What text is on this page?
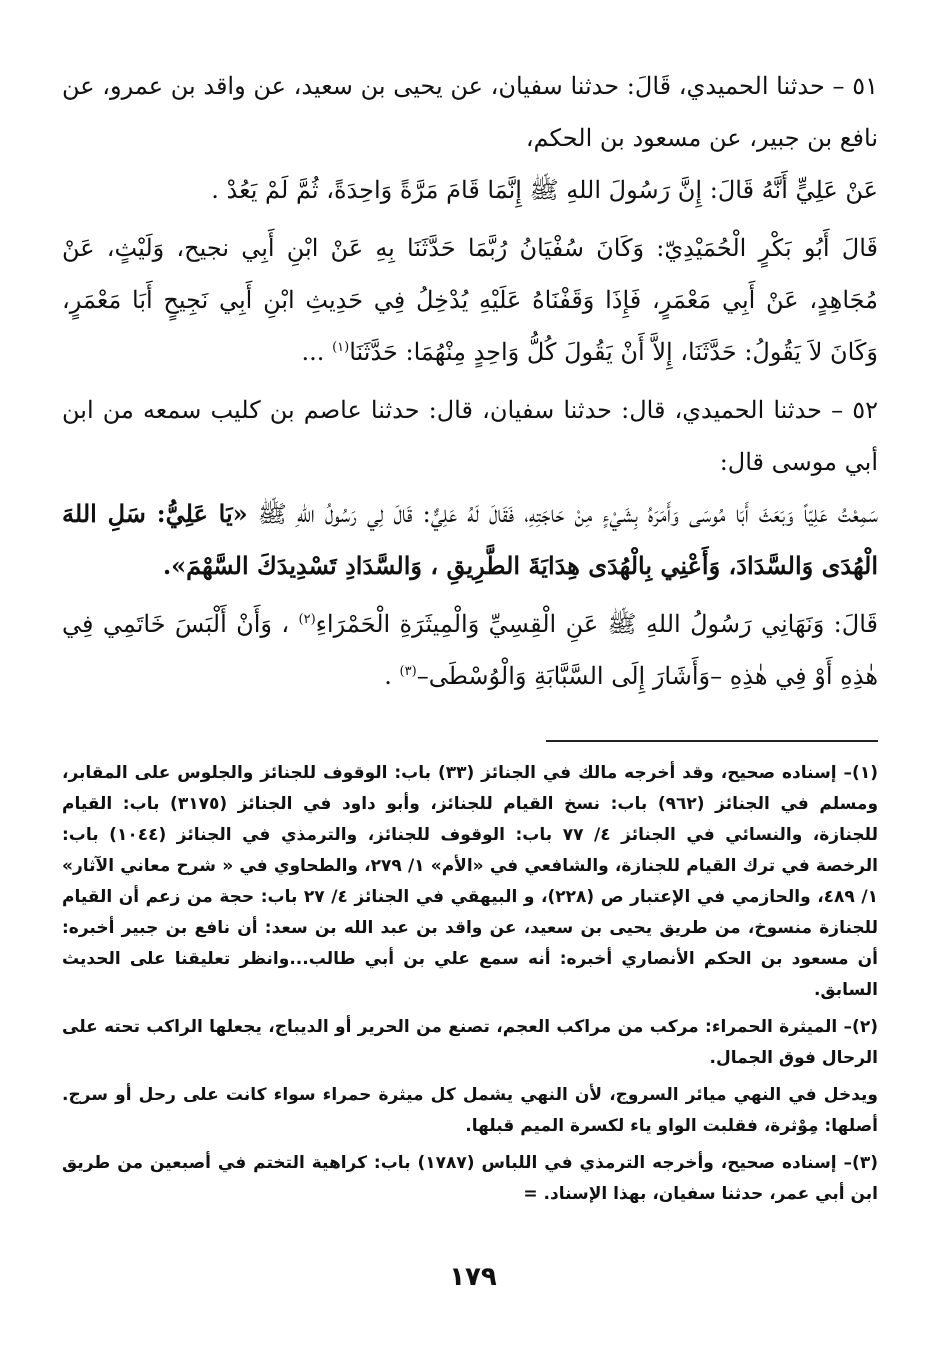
٥١ – حدثنا الحميدي، قَالَ: حدثنا سفيان، عن يحيى بن سعيد، عن واقد بن عمرو، عن نافع بن جبير، عن مسعود بن الحكم،

عَنْ عَلِيٍّ أَنَّهُ قَالَ: إِنَّ رَسُولَ اللهِ ﷺ إِنَّمَا قَامَ مَرَّةً وَاحِدَةً، ثُمَّ لَمْ يَعُدْ .

قَالَ أَبُو بَكْرٍ الْحُمَيْدِيّ: وَكَانَ سُفْيَانُ رُبَّمَا حَدَّثَنَا بِهِ عَنْ ابْنِ أَبِي نجيح، وَلَيْثٍ، عَنْ مُجَاهِدٍ، عَنْ أَبِي مَعْمَرٍ، فَإِذَا وَقَفْنَاهُ عَلَيْهِ يُدْخِلُ فِي حَدِيثِ ابْنِ أَبِي نَجِيحٍ أَبَا مَعْمَرٍ، وَكَانَ لاَ يَقُولُ: حَدَّثَنَا، إِلاَّ أَنْ يَقُولَ كُلُّ وَاحِدٍ مِنْهُمَا: حَدَّثَنَا$^{(١)}$ ...

٥٢ – حدثنا الحميدي، قال: حدثنا سفيان، قال: حدثنا عاصم بن كليب سمعه من ابن أبي موسى قال:

سَمِعْتُ عَلِيّاً وَبَعَثَ أَبَا مُوسَى وَأَمَرَهُ بِشَيْءٍ مِنْ حَاجَتِهِ، فَقَالَ لَهُ عَلِيٌّ: قَالَ لِي رَسُولُ اللهِ ﷺ «يَا عَلِيُّ: سَلِ اللهَ الْهُدَى وَالسَّدَادَ، وَأَعْنِي بِالْهُدَى هِدَايَةَ الطَّرِيقِ ، وَالسَّدَادِ تَسْدِيدَكَ السَّهْمَ».

قَالَ: وَنَهَانِي رَسُولُ اللهِ ﷺ عَنِ الْقِسِيِّ وَالْمِيثَرَةِ الْحَمْرَاءِ$^{(٢)}$ ، وَأَنْ أَلْبَسَ خَاتَمِي فِي هٰذِهِ أَوْ فِي هٰذِهِ –وَأَشَارَ إِلَى السَّبَّابَةِ وَالْوُسْطَى–$^{(٣)}$ .

(١)– إسناده صحيح، وقد أخرجه مالك في الجنائز (٣٣) باب: الوقوف للجنائز والجلوس على المقابر، ومسلم في الجنائز (٩٦٢) باب: نسخ القيام للجنائز، وأبو داود في الجنائز (٣١٧٥) باب: القيام للجنازة، والنسائي في الجنائز ٤/ ٧٧ باب: الوقوف للجنائز، والترمذي في الجنائز (١٠٤٤) باب: الرخصة في ترك القيام للجنازة، والشافعي في «الأم» ١/ ٢٧٩، والطحاوي في « شرح معاني الآثار» ١/ ٤٨٩، والحازمي في الإعتبار ص (٢٢٨)، و البيهقي في الجنائز ٤/ ٢٧ باب: حجة من زعم أن القيام للجنازة منسوخ، من طريق يحيى بن سعيد، عن واقد بن عبد الله بن سعد: أن نافع بن جبير أخبره: أن مسعود بن الحكم الأنصاري أخبره: أنه سمع علي بن أبي طالب...وانظر تعليقنا على الحديث السابق.

(٢)– الميثرة الحمراء: مركب من مراكب العجم، تصنع من الحرير أو الديباج، يجعلها الراكب تحته على الرحال فوق الجمال.

ويدخل في النهي ميائر السروج، لأن النهي يشمل كل ميثرة حمراء سواء كانت على رحل أو سرج. أصلها: مِوْثرة، فقلبت الواو ياء لكسرة الميم قبلها.

(٣)– إسناده صحيح، وأخرجه الترمذي في اللباس (١٧٨٧) باب: كراهية التختم في أصبعين من طريق ابن أبي عمر، حدثنا سفيان، بهذا الإسناد. =

١٧٩
